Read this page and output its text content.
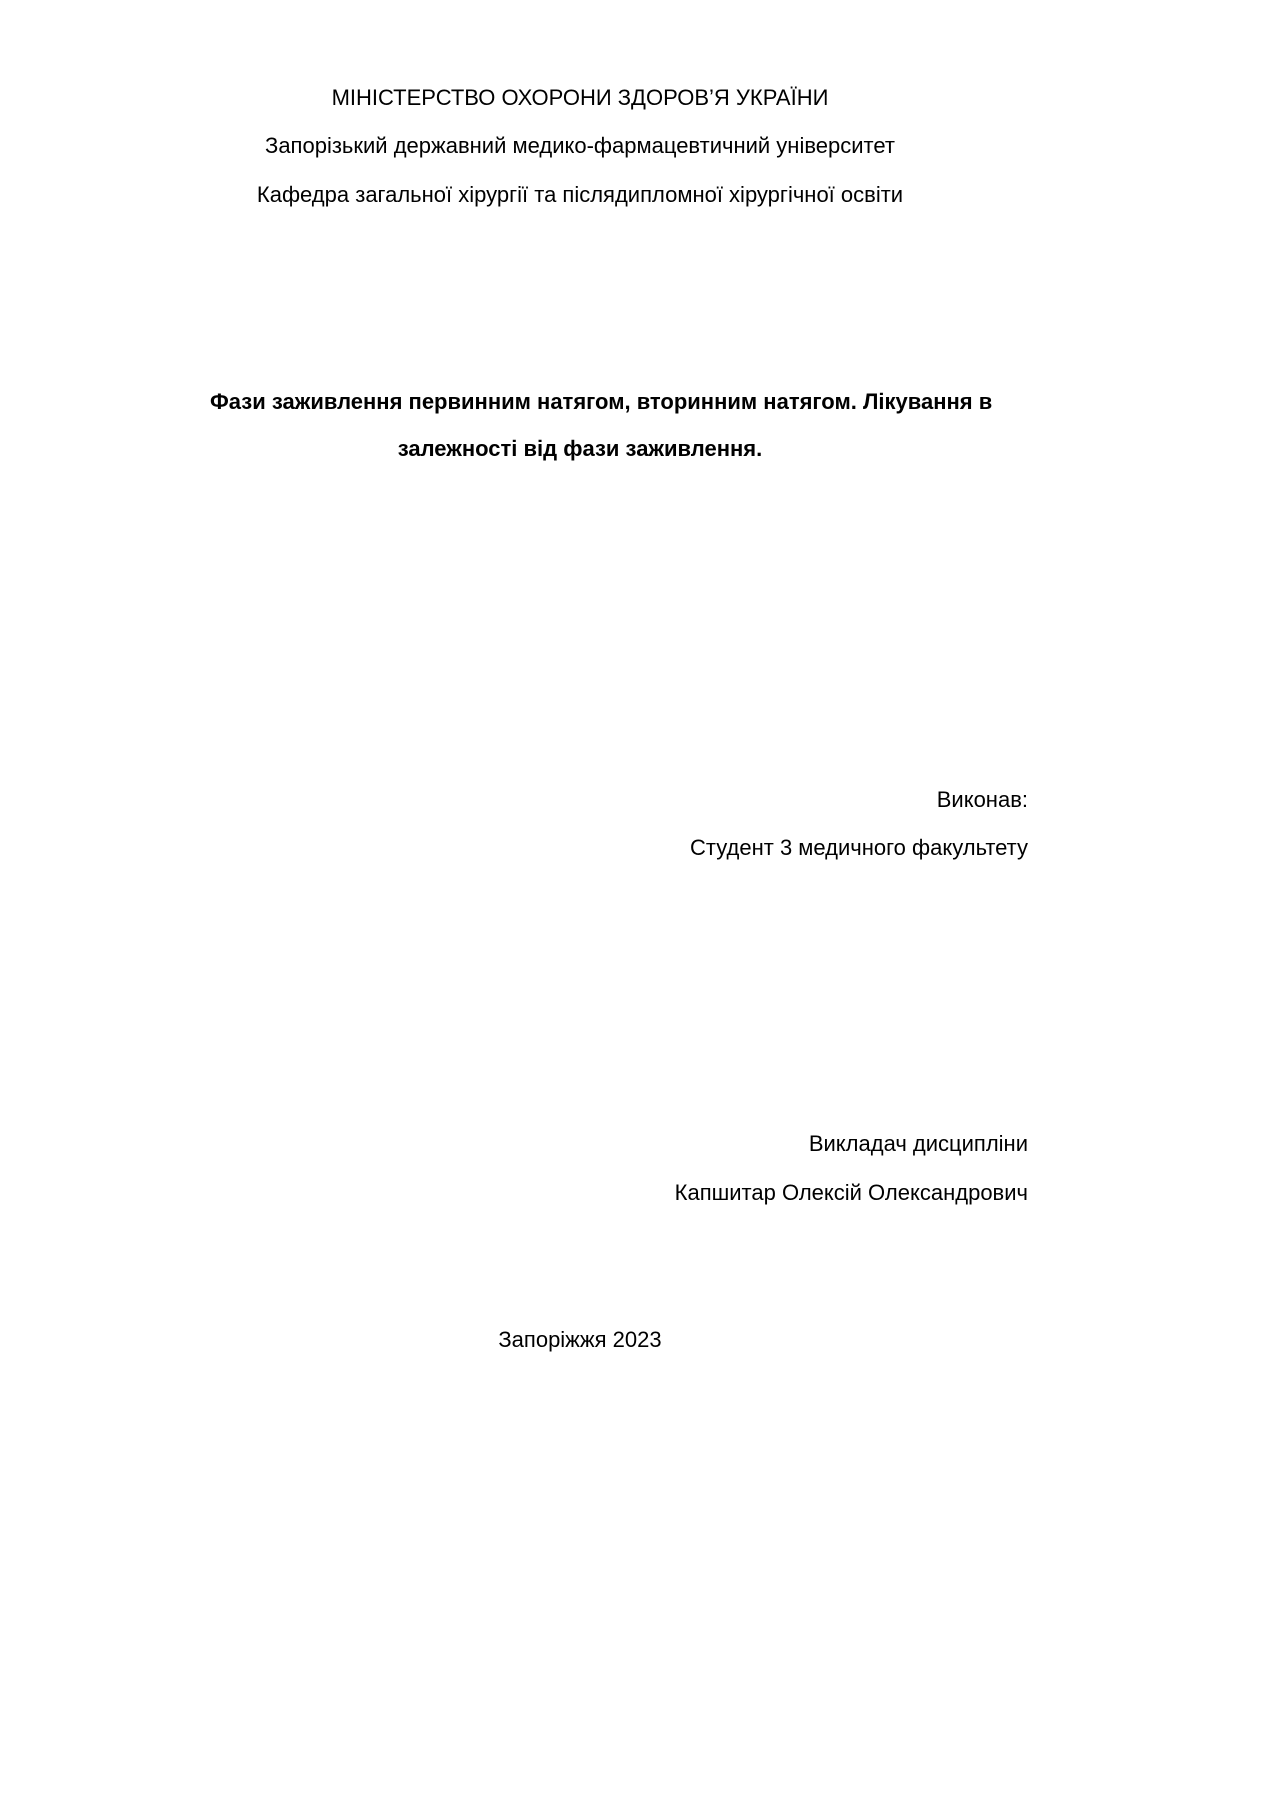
МІНІСТЕРСТВО ОХОРОНИ ЗДОРОВ’Я УКРАЇНИ
Запорізький державний медико-фармацевтичний університет
Кафедра загальної хірургії та післядипломної хірургічної освіти
Фази заживлення первинним натягом, вторинним натягом. Лікування в
залежності від фази заживлення.
Виконав:
Студент 3 медичного факультету
Викладач дисципліни
Капшитар Олексій Олександрович
Запоріжжя 2023
